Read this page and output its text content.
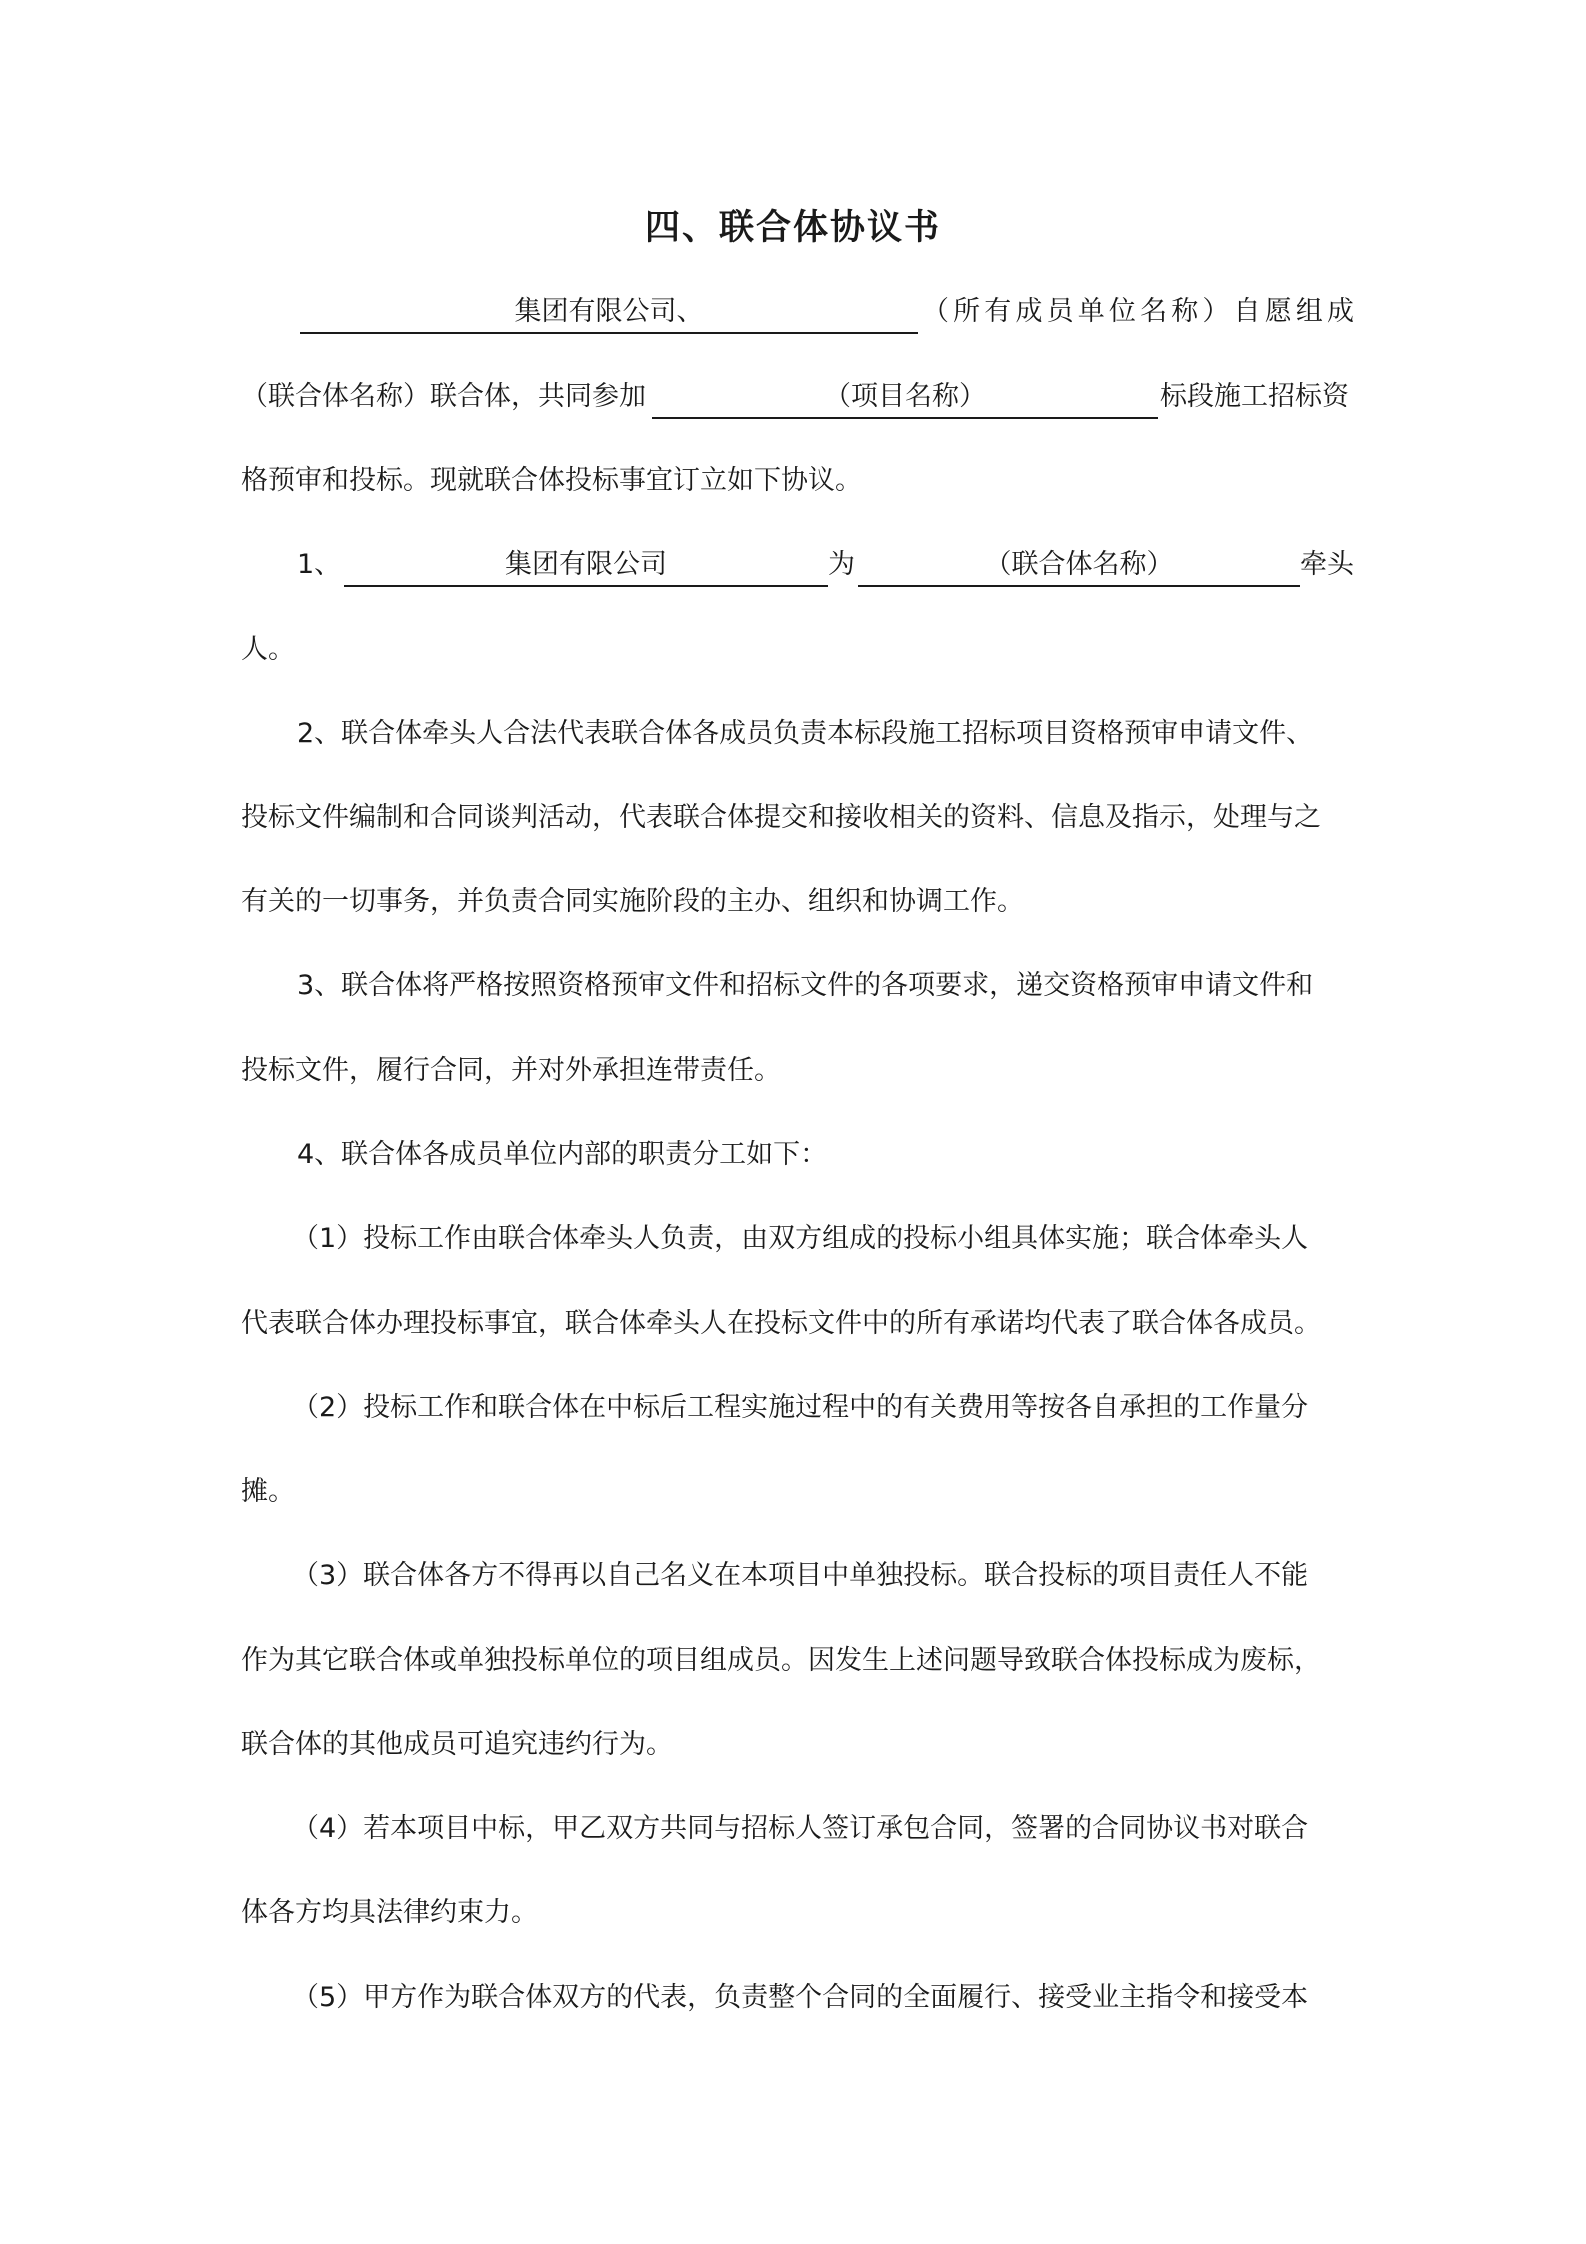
四、联合体协议书
集团有限公司、	（所有成员单位名称）自愿组成
（联合体名称）联合体，共同参加	（项目名称）	标段施工招标资
格预审和投标。现就联合体投标事宜订立如下协议。
1、	集团有限公司	为	（联合体名称）	牵头
人。
2、联合体牵头人合法代表联合体各成员负责本标段施工招标项目资格预审申请文件、
投标文件编制和合同谈判活动，代表联合体提交和接收相关的资料、信息及指示，处理与之
有关的一切事务，并负责合同实施阶段的主办、组织和协调工作。
3、联合体将严格按照资格预审文件和招标文件的各项要求，递交资格预审申请文件和
投标文件，履行合同，并对外承担连带责任。
4、联合体各成员单位内部的职责分工如下：
（1）投标工作由联合体牵头人负责，由双方组成的投标小组具体实施；联合体牵头人
代表联合体办理投标事宜，联合体牵头人在投标文件中的所有承诺均代表了联合体各成员。
（2）投标工作和联合体在中标后工程实施过程中的有关费用等按各自承担的工作量分
摊。
（3）联合体各方不得再以自己名义在本项目中单独投标。联合投标的项目责任人不能
作为其它联合体或单独投标单位的项目组成员。因发生上述问题导致联合体投标成为废标，
联合体的其他成员可追究违约行为。
（4）若本项目中标，甲乙双方共同与招标人签订承包合同，签署的合同协议书对联合
体各方均具法律约束力。
（5）甲方作为联合体双方的代表，负责整个合同的全面履行、接受业主指令和接受本
